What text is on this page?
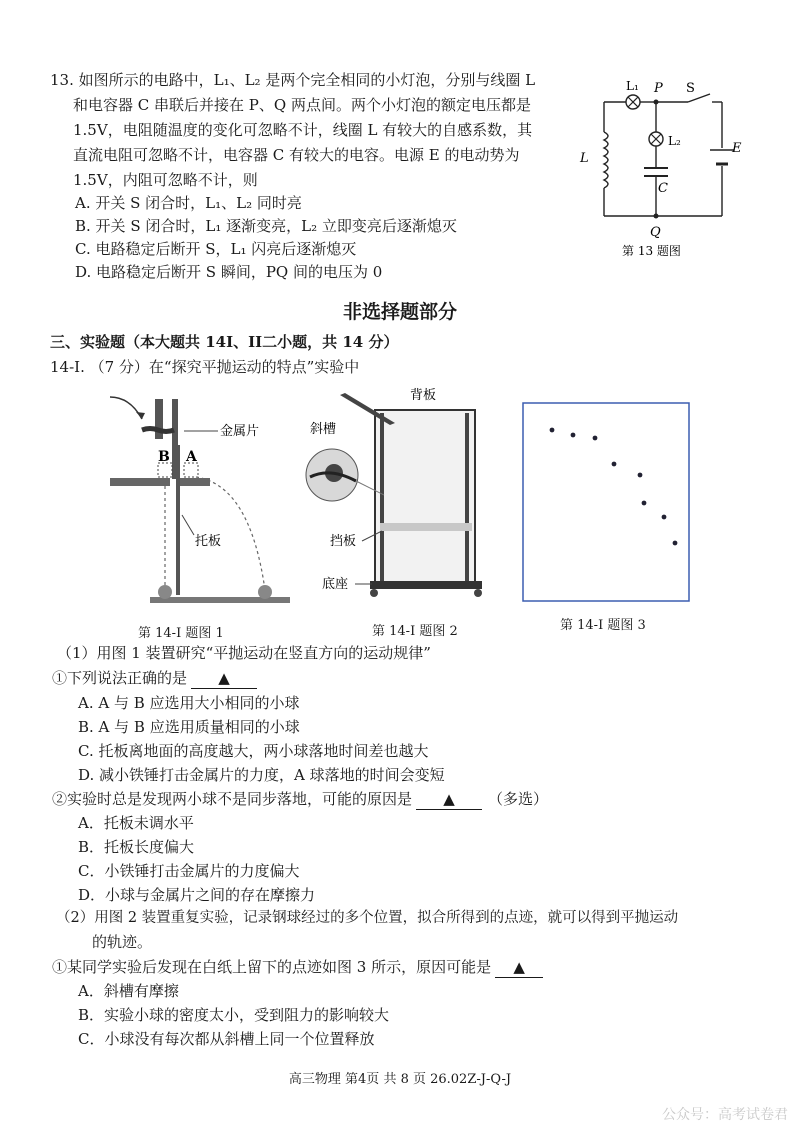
13. 如图所示的电路中，L₁、L₂ 是两个完全相同的小灯泡，分别与线圈 L
和电容器 C 串联后并接在 P、Q 两点间。两个小灯泡的额定电压都是
1.5V，电阻随温度的变化可忽略不计，线圈 L 有较大的自感系数，其
直流电阻可忽略不计，电容器 C 有较大的电容。电源 E 的电动势为
1.5V，内阻可忽略不计，则
A. 开关 S 闭合时，L₁、L₂ 同时亮
B. 开关 S 闭合时，L₁ 逐渐变亮，L₂ 立即变亮后逐渐熄灭
C. 电路稳定后断开 S，L₁ 闪亮后逐渐熄灭
D. 电路稳定后断开 S 瞬间，PQ 间的电压为 0
L₁ P S
L₂
L
C
E
Q
第 13 题图
非选择题部分
三、实验题（本大题共 14I、II二小题，共 14 分）
14-I. （7 分）在“探究平抛运动的特点”实验中
B A
金属片
托板
第 14-I 题图 1
背板
斜槽
挡板
底座
第 14-I 题图 2	第 14-I 题图 3
（1）用图 1 装置研究“平抛运动在竖直方向的运动规律”
①下列说法正确的是 ▲
A. A 与 B 应选用大小相同的小球
B. A 与 B 应选用质量相同的小球
C. 托板离地面的高度越大，两小球落地时间差也越大
D. 减小铁锤打击金属片的力度，A 球落地的时间会变短
②实验时总是发现两小球不是同步落地，可能的原因是 ▲ （多选）
A．托板未调水平
B．托板长度偏大
C．小铁锤打击金属片的力度偏大
D．小球与金属片之间的存在摩擦力
（2）用图 2 装置重复实验，记录钢球经过的多个位置，拟合所得到的点迹，就可以得到平抛运动
的轨迹。
①某同学实验后发现在白纸上留下的点迹如图 3 所示，原因可能是 ▲
A．斜槽有摩擦
B．实验小球的密度太小，受到阻力的影响较大
C．小球没有每次都从斜槽上同一个位置释放
高三物理 第4页 共 8 页 26.02Z-J-Q-J
公众号：高考试卷君
